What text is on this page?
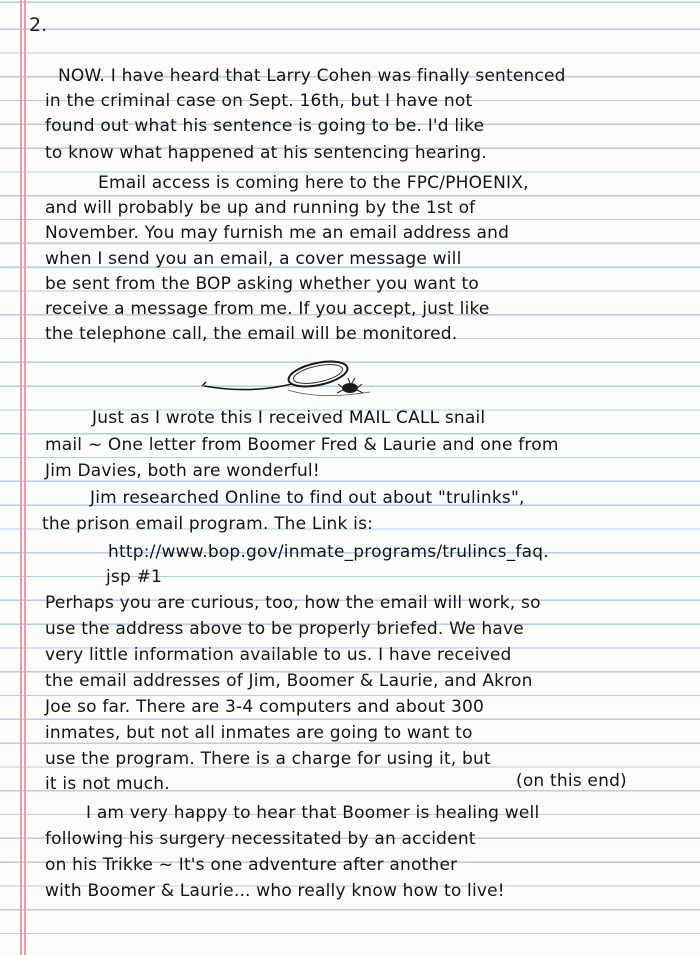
2.
NOW. I have heard that Larry Cohen was finally sentenced
in the criminal case on Sept. 16th, but I have not
found out what his sentence is going to be. I'd like
to know what happened at his sentencing hearing.
Email access is coming here to the FPC/PHOENIX,
and will probably be up and running by the 1st of
November. You may furnish me an email address and
when I send you an email, a cover message will
be sent from the BOP asking whether you want to
receive a message from me. If you accept, just like
the telephone call, the email will be monitored.
Just as I wrote this I received MAIL CALL snail
mail ~ One letter from Boomer Fred & Laurie and one from
Jim Davies, both are wonderful!
Jim researched Online to find out about "trulinks",
the prison email program. The Link is:
http://www.bop.gov/inmate_programs/trulincs_faq.
jsp #1
Perhaps you are curious, too, how the email will work, so
use the address above to be properly briefed. We have
very little information available to us. I have received
the email addresses of Jim, Boomer & Laurie, and Akron
Joe so far. There are 3-4 computers and about 300
inmates, but not all inmates are going to want to
use the program. There is a charge for using it, but
it is not much.	(on this end)
I am very happy to hear that Boomer is healing well
following his surgery necessitated by an accident
on his Trikke ~ It's one adventure after another
with Boomer & Laurie... who really know how to live!
